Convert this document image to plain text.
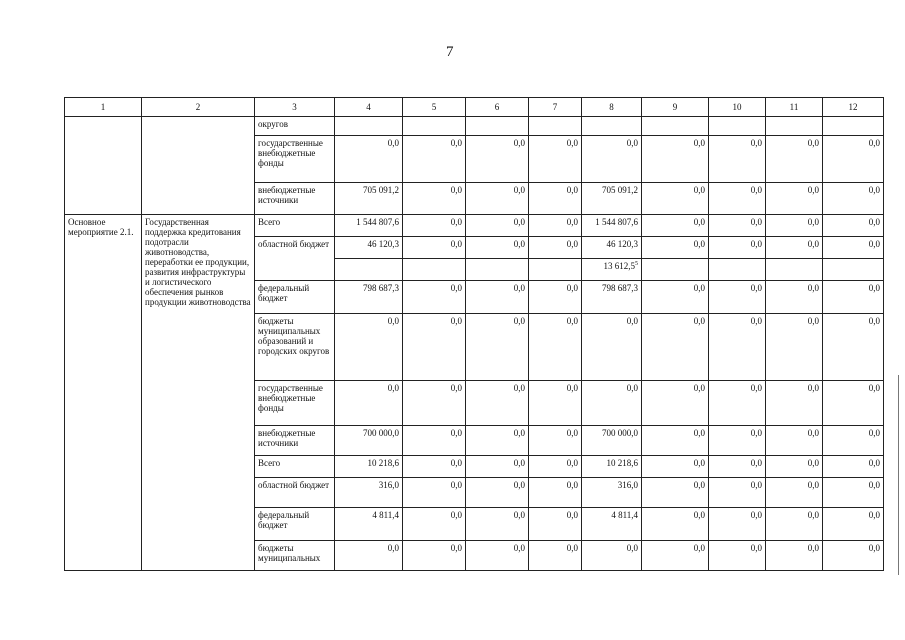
7
1	2	3	4	5	6	7	8	9	10	11	12
		округов									
		государственные внебюджетные фонды	0,0	0,0	0,0	0,0	0,0	0,0	0,0	0,0	0,0
		внебюджетные источники	705 091,2	0,0	0,0	0,0	705 091,2	0,0	0,0	0,0	0,0
Основное мероприятие 2.1.	Государственная поддержка кредитования подотрасли животноводства, переработки ее продукции, развития инфраструктуры и логистического обеспечения рынков продукции животноводства	Всего	1 544 807,6	0,0	0,0	0,0	1 544 807,6	0,0	0,0	0,0	0,0
		областной бюджет	46 120,3	0,0	0,0	0,0	46 120,3	0,0	0,0	0,0	0,0
							13 612,5$^5$				
		федеральный бюджет	798 687,3	0,0	0,0	0,0	798 687,3	0,0	0,0	0,0	0,0
		бюджеты муниципальных образований и городских округов	0,0	0,0	0,0	0,0	0,0	0,0	0,0	0,0	0,0
		государственные внебюджетные фонды	0,0	0,0	0,0	0,0	0,0	0,0	0,0	0,0	0,0
		внебюджетные источники	700 000,0	0,0	0,0	0,0	700 000,0	0,0	0,0	0,0	0,0
		Всего	10 218,6	0,0	0,0	0,0	10 218,6	0,0	0,0	0,0	0,0
		областной бюджет	316,0	0,0	0,0	0,0	316,0	0,0	0,0	0,0	0,0
		федеральный бюджет	4 811,4	0,0	0,0	0,0	4 811,4	0,0	0,0	0,0	0,0
		бюджеты муниципальных	0,0	0,0	0,0	0,0	0,0	0,0	0,0	0,0	0,0
